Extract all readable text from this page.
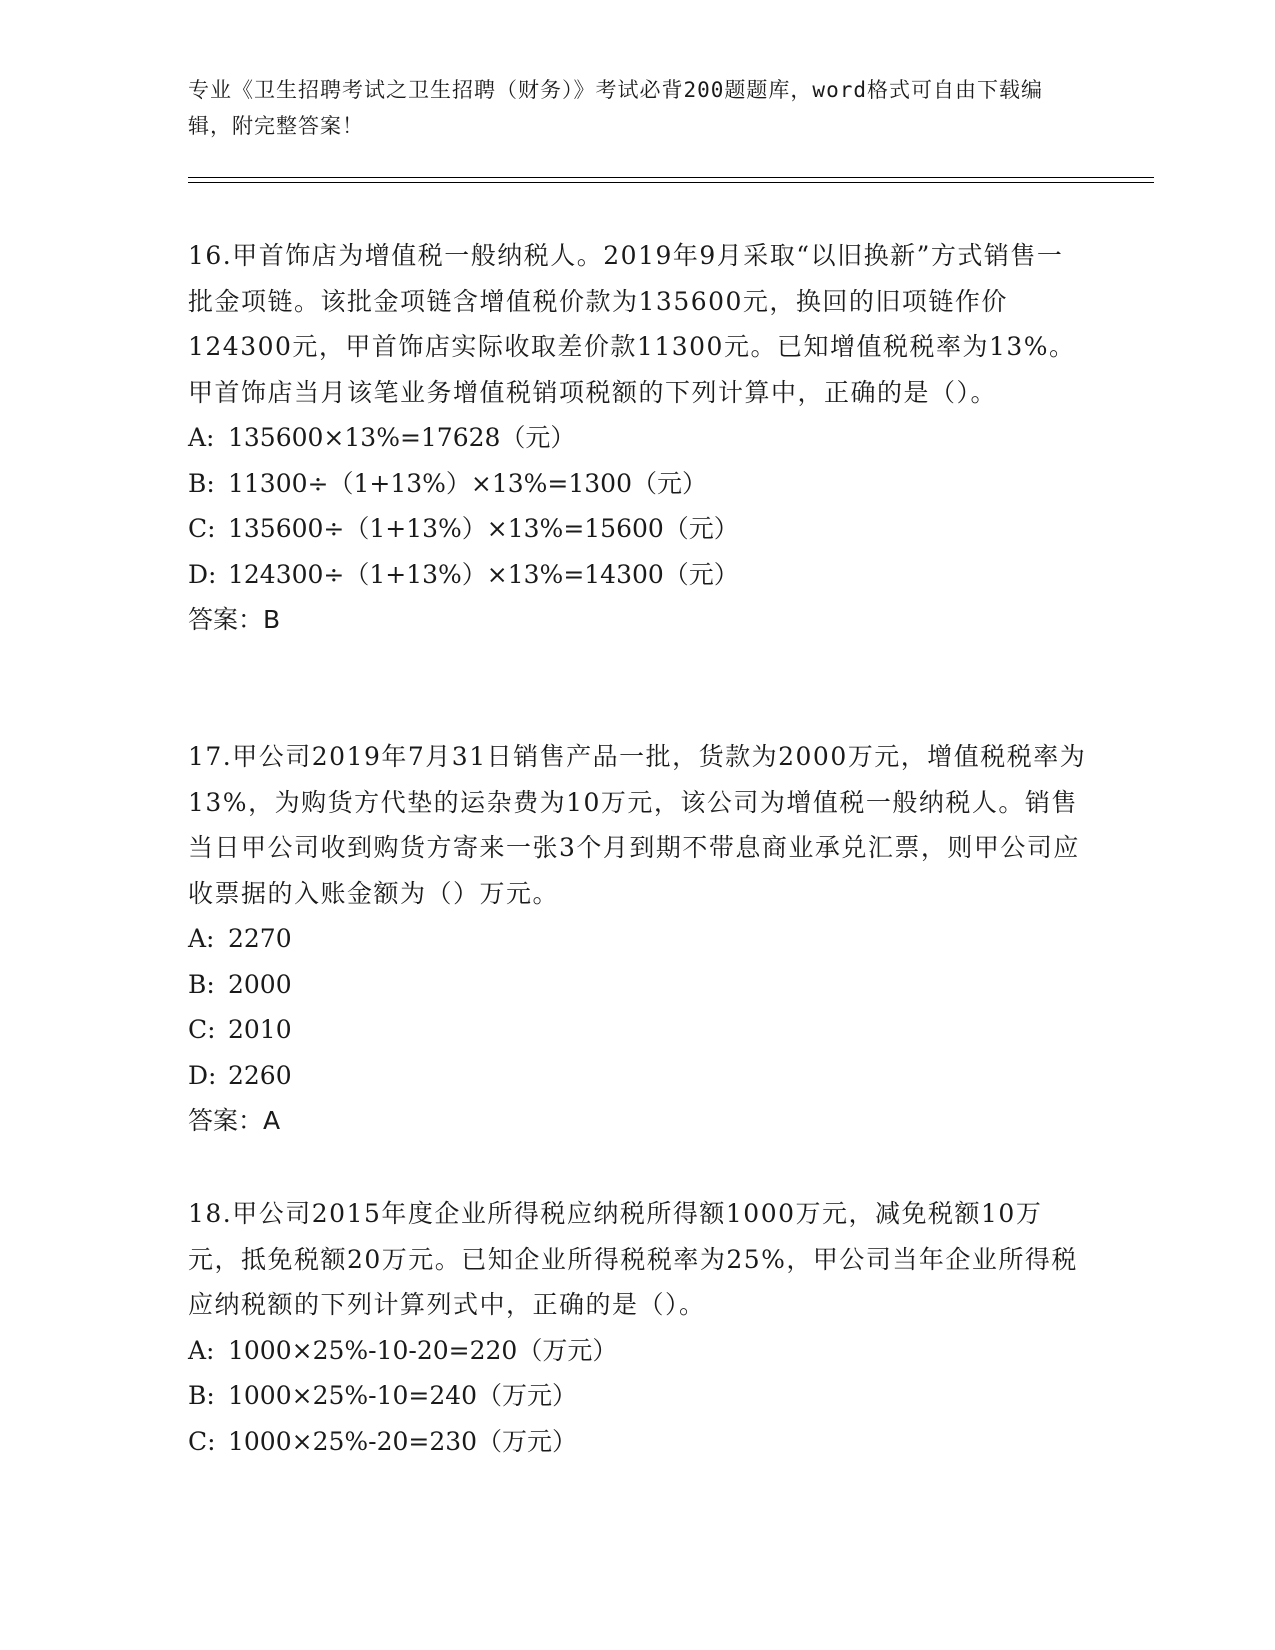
专业《卫生招聘考试之卫生招聘（财务）》考试必背200题题库，word格式可自由下载编辑，附完整答案！

16.甲首饰店为增值税一般纳税人。2019年9月采取“以旧换新”方式销售一批金项链。该批金项链含增值税价款为135600元，换回的旧项链作价124300元，甲首饰店实际收取差价款11300元。已知增值税税率为13%。甲首饰店当月该笔业务增值税销项税额的下列计算中，正确的是（）。

A: 135600×13%=17628（元）

B: 11300÷（1+13%）×13%=1300（元）

C: 135600÷（1+13%）×13%=15600（元）

D: 124300÷（1+13%）×13%=14300（元）

答案：B

17.甲公司2019年7月31日销售产品一批，货款为2000万元，增值税税率为13%，为购货方代垫的运杂费为10万元，该公司为增值税一般纳税人。销售当日甲公司收到购货方寄来一张3个月到期不带息商业承兑汇票，则甲公司应收票据的入账金额为（）万元。

A: 2270

B: 2000

C: 2010

D: 2260

答案：A

18.甲公司2015年度企业所得税应纳税所得额1000万元，减免税额10万元，抵免税额20万元。已知企业所得税税率为25%，甲公司当年企业所得税应纳税额的下列计算列式中，正确的是（）。

A: 1000×25%-10-20=220（万元）

B: 1000×25%-10=240（万元）

C: 1000×25%-20=230（万元）
